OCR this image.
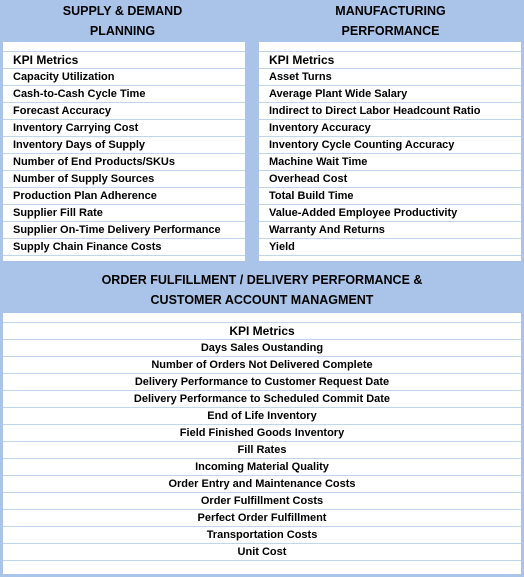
SUPPLY & DEMAND
PLANNING
MANUFACTURING
PERFORMANCE
KPI Metrics
Capacity Utilization
Cash-to-Cash Cycle Time
Forecast Accuracy
Inventory Carrying Cost
Inventory Days of Supply
Number of End Products/SKUs
Number of Supply Sources
Production Plan Adherence
Supplier Fill Rate
Supplier On-Time Delivery Performance
Supply Chain Finance Costs
KPI Metrics
Asset Turns
Average Plant Wide Salary
Indirect to Direct Labor Headcount Ratio
Inventory Accuracy
Inventory Cycle Counting Accuracy
Machine Wait Time
Overhead Cost
Total Build Time
Value-Added Employee Productivity
Warranty And Returns
Yield
ORDER FULFILLMENT / DELIVERY PERFORMANCE &
CUSTOMER ACCOUNT MANAGMENT
KPI Metrics
Days Sales Oustanding
Number of Orders Not Delivered Complete
Delivery Performance to Customer Request Date
Delivery Performance to Scheduled Commit Date
End of Life Inventory
Field Finished Goods Inventory
Fill Rates
Incoming Material Quality
Order Entry and Maintenance Costs
Order Fulfillment Costs
Perfect Order Fulfillment
Transportation Costs
Unit Cost
